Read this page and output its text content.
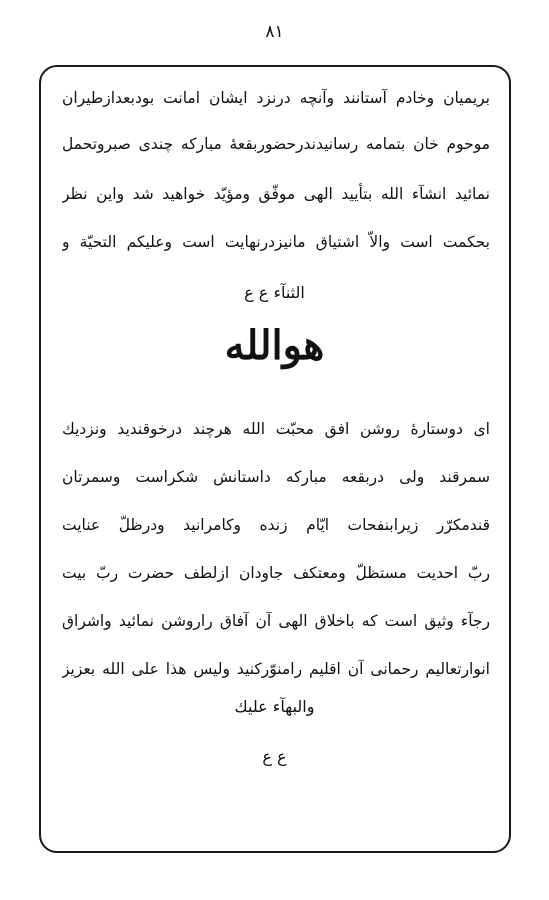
٨١
بريميان وخادم آستانند وآنچه درنزد ايشان امانت بودبعدازطيران
موحوم خان بتمامه رسانيدندرحضوربقعۀ مباركه چندى صبروتحمل
نمائيد انشآء الله بتأييد الهى موفّق ومؤيّد خواهيد شد واين نظر
بحكمت است والاّ اشتياق مانيزدرنهايت است وعليكم التحيّة و
الثنآء ع ع
هوالله
اى دوستارۀ روشن افق محبّت الله هرچند درخوقنديد ونزديك
سمرقند ولى دربقعه مباركه داستانش شكراست وسمرتان
قندمكرّر زيرابنفحات ايّام زنده وكامرانيد ودرظلّ عنايت
ربّ احديت مستظلّ ومعتكف جاودان ازلطف حضرت ربّ بيت
رجآء وثيق است كه باخلاق الهى آن آفاق راروشن نمائيد واشراق
انوارتعاليم رحمانى آن اقليم رامنوّركنيد وليس هذا على الله بعزيز
والبهآء عليك
ع ع
